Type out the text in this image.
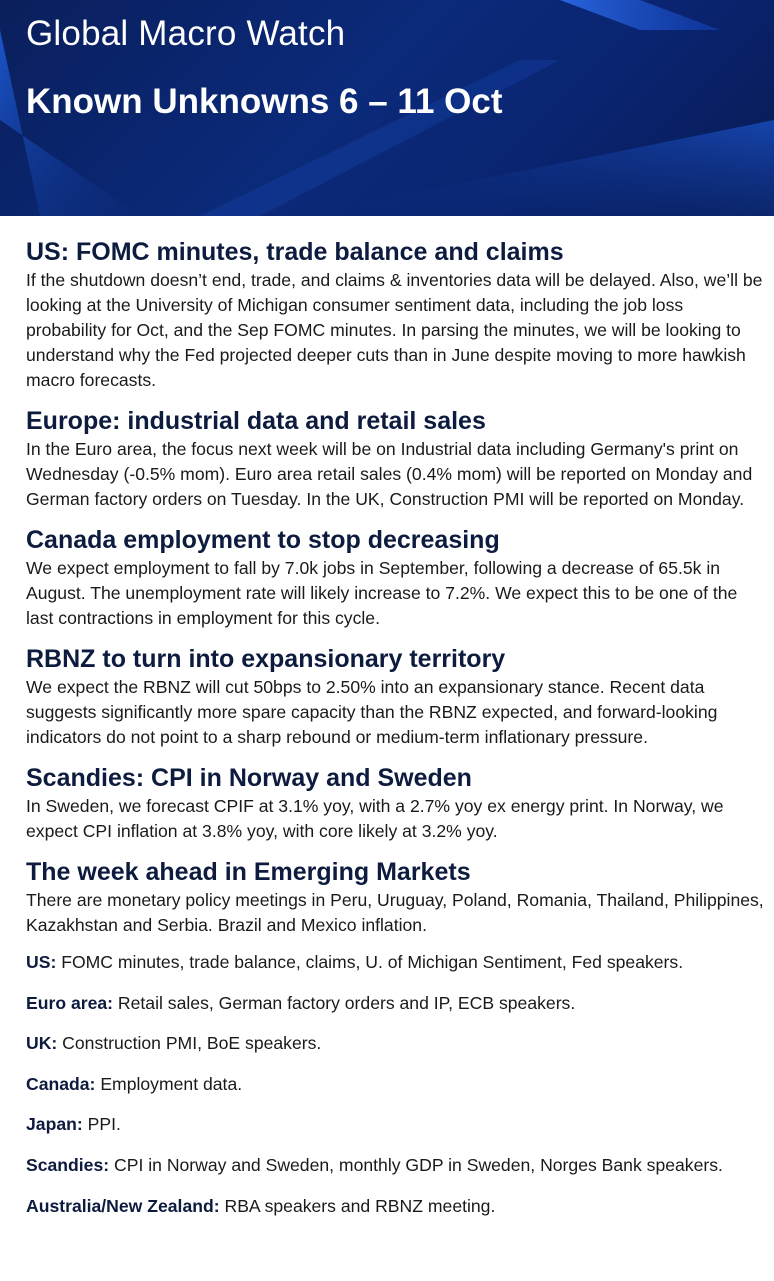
Global Macro Watch
Known Unknowns 6 – 11 Oct
US: FOMC minutes, trade balance and claims

If the shutdown doesn’t end, trade, and claims & inventories data will be delayed. Also, we’ll be looking at the University of Michigan consumer sentiment data, including the job loss probability for Oct, and the Sep FOMC minutes. In parsing the minutes, we will be looking to understand why the Fed projected deeper cuts than in June despite moving to more hawkish macro forecasts.

Europe: industrial data and retail sales

In the Euro area, the focus next week will be on Industrial data including Germany's print on Wednesday (-0.5% mom). Euro area retail sales (0.4% mom) will be reported on Monday and German factory orders on Tuesday. In the UK, Construction PMI will be reported on Monday.

Canada employment to stop decreasing

We expect employment to fall by 7.0k jobs in September, following a decrease of 65.5k in August. The unemployment rate will likely increase to 7.2%. We expect this to be one of the last contractions in employment for this cycle.

RBNZ to turn into expansionary territory

We expect the RBNZ will cut 50bps to 2.50% into an expansionary stance. Recent data suggests significantly more spare capacity than the RBNZ expected, and forward-looking indicators do not point to a sharp rebound or medium-term inflationary pressure.

Scandies: CPI in Norway and Sweden

In Sweden, we forecast CPIF at 3.1% yoy, with a 2.7% yoy ex energy print. In Norway, we expect CPI inflation at 3.8% yoy, with core likely at 3.2% yoy.

The week ahead in Emerging Markets

There are monetary policy meetings in Peru, Uruguay, Poland, Romania, Thailand, Philippines, Kazakhstan and Serbia. Brazil and Mexico inflation.

US: FOMC minutes, trade balance, claims, U. of Michigan Sentiment, Fed speakers.
Euro area: Retail sales, German factory orders and IP, ECB speakers.
UK: Construction PMI, BoE speakers.
Canada: Employment data.
Japan: PPI.
Scandies: CPI in Norway and Sweden, monthly GDP in Sweden, Norges Bank speakers.
Australia/New Zealand: RBA speakers and RBNZ meeting.
